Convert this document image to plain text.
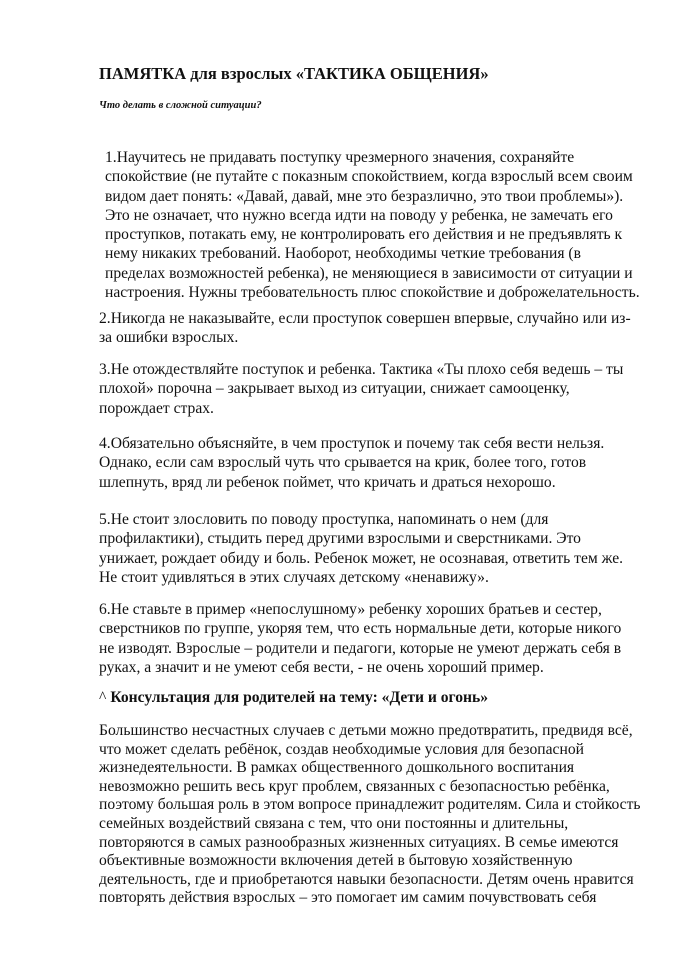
ПАМЯТКА для взрослых «ТАКТИКА ОБЩЕНИЯ»

Что делать в сложной ситуации?

1.Научитесь не придавать поступку чрезмерного значения, сохраняйте спокойствие (не путайте с показным спокойствием, когда взрослый всем своим видом дает понять: «Давай, давай, мне это безразлично, это твои проблемы»). Это не означает, что нужно всегда идти на поводу у ребенка, не замечать его проступков, потакать ему, не контролировать его действия и не предъявлять к нему никаких требований. Наоборот, необходимы четкие требования (в пределах возможностей ребенка), не меняющиеся в зависимости от ситуации и настроения. Нужны требовательность плюс спокойствие и доброжелательность.

2.Никогда не наказывайте, если проступок совершен впервые, случайно или из-за ошибки взрослых.

3.Не отождествляйте поступок и ребенка. Тактика «Ты плохо себя ведешь – ты плохой» порочна – закрывает выход из ситуации, снижает самооценку, порождает страх.

4.Обязательно объясняйте, в чем проступок и почему так себя вести нельзя. Однако, если сам взрослый чуть что срывается на крик, более того, готов шлепнуть, вряд ли ребенок поймет, что кричать и драться нехорошо.

5.Не стоит злословить по поводу проступка, напоминать о нем (для профилактики), стыдить перед другими взрослыми и сверстниками. Это унижает, рождает обиду и боль. Ребенок может, не осознавая, ответить тем же. Не стоит удивляться в этих случаях детскому «ненавижу».

6.Не ставьте в пример «непослушному» ребенку хороших братьев и сестер, сверстников по группе, укоряя тем, что есть нормальные дети, которые никого не изводят. Взрослые – родители и педагоги, которые не умеют держать себя в руках, а значит и не умеют себя вести, - не очень хороший пример.

^ Консультация для родителей на тему: «Дети и огонь»

Большинство несчастных случаев с детьми можно предотвратить, предвидя всё, что может сделать ребёнок, создав необходимые условия для безопасной жизнедеятельности. В рамках общественного дошкольного воспитания невозможно решить весь круг проблем, связанных с безопасностью ребёнка, поэтому большая роль в этом вопросе принадлежит родителям. Сила и стойкость семейных воздействий связана с тем, что они постоянны и длительны, повторяются в самых разнообразных жизненных ситуациях. В семье имеются объективные возможности включения детей в бытовую хозяйственную деятельность, где и приобретаются навыки безопасности. Детям очень нравится повторять действия взрослых – это помогает им самим почувствовать себя
